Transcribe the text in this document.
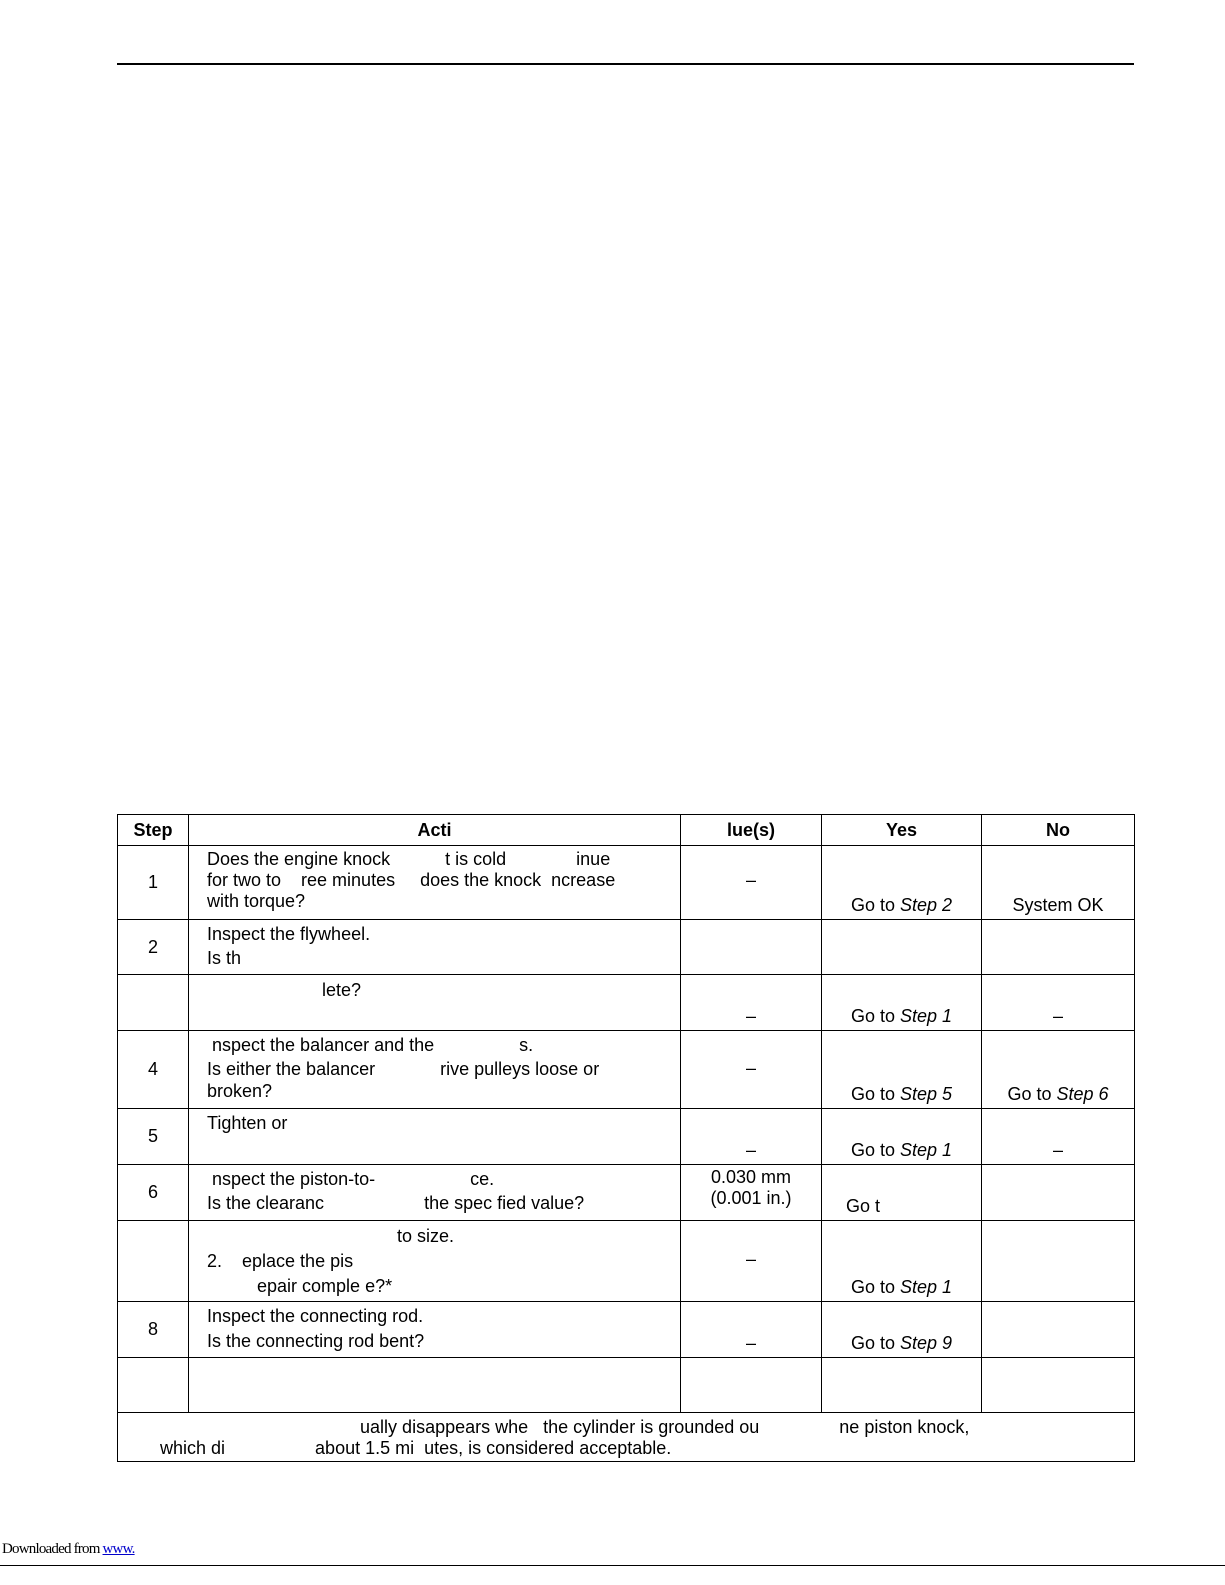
Step	Acti	lue(s)	Yes	No
1	Does the engine knock           t is cold              inue
for two to    ree minutes     does the knock  ncrease
with torque?	–	Go to Step 2	System OK

2	Inspect the flywheel.
Is th			

	lete?	–	Go to Step 1	–

4	nspect the balancer and the                 s.
Is either the balancer             rive pulleys loose or
broken?	–	Go to Step 5	Go to Step 6

5	Tighten or	–	Go to Step 1	–

6	nspect the piston-to-                   ce.
Is the clearanc                    the spec fied value?	0.030 mm
(0.001 in.)	Go t	

	to size.
2.    eplace the pis
epair comple e?*	–	Go to Step 1	

8	Inspect the connecting rod.
Is the connecting rod bent?	–	Go to Step 9	

ually disappears whe   the cylinder is grounded ou                ne piston knock,
which di                  about 1.5 mi  utes, is considered acceptable.				
Downloaded from www.
